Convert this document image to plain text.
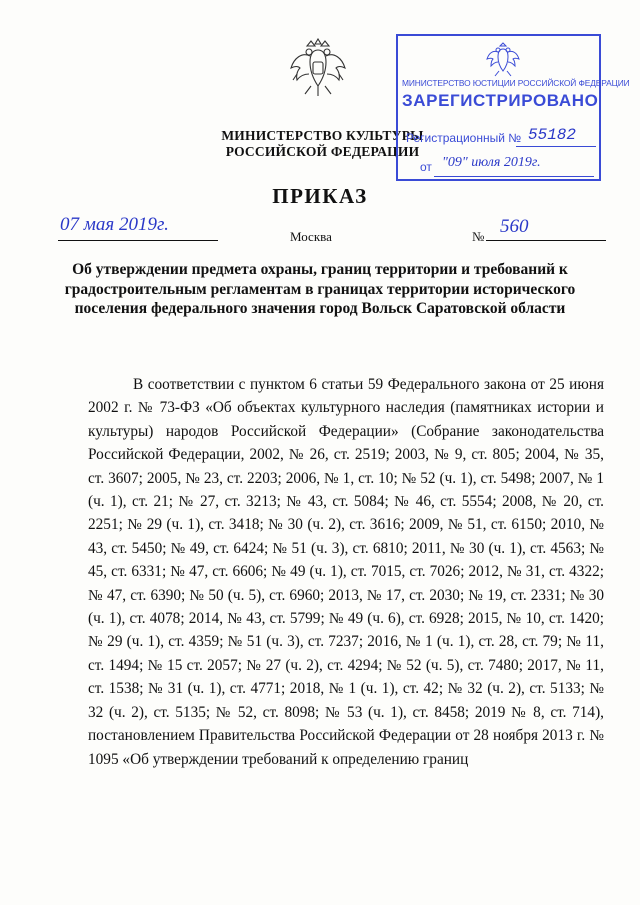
МИНИСТЕРСТВО КУЛЬТУРЫ
РОССИЙСКОЙ ФЕДЕРАЦИИ
МИНИСТЕРСТВО ЮСТИЦИИ РОССИЙСКОЙ ФЕДЕРАЦИИ
ЗАРЕГИСТРИРОВАНО
Регистрационный № 55182
от "09" июля 2019г.
ПРИКАЗ
07 мая 2019г.
Москва	№ 560
Об утверждении предмета охраны, границ территории и требований к градостроительным регламентам в границах территории исторического поселения федерального значения город Вольск Саратовской области

В соответствии с пунктом 6 статьи 59 Федерального закона от 25 июня 2002 г. № 73-ФЗ «Об объектах культурного наследия (памятниках истории и культуры) народов Российской Федерации» (Собрание законодательства Российской Федерации, 2002, № 26, ст. 2519; 2003, № 9, ст. 805; 2004, № 35, ст. 3607; 2005, № 23, ст. 2203; 2006, № 1, ст. 10; № 52 (ч. 1), ст. 5498; 2007, № 1 (ч. 1), ст. 21; № 27, ст. 3213; № 43, ст. 5084; № 46, ст. 5554; 2008, № 20, ст. 2251; № 29 (ч. 1), ст. 3418; № 30 (ч. 2), ст. 3616; 2009, № 51, ст. 6150; 2010, № 43, ст. 5450; № 49, ст. 6424; № 51 (ч. 3), ст. 6810; 2011, № 30 (ч. 1), ст. 4563; № 45, ст. 6331; № 47, ст. 6606; № 49 (ч. 1), ст. 7015, ст. 7026; 2012, № 31, ст. 4322; № 47, ст. 6390; № 50 (ч. 5), ст. 6960; 2013, № 17, ст. 2030; № 19, ст. 2331; № 30 (ч. 1), ст. 4078; 2014, № 43, ст. 5799; № 49 (ч. 6), ст. 6928; 2015, № 10, ст. 1420; № 29 (ч. 1), ст. 4359; № 51 (ч. 3), ст. 7237; 2016, № 1 (ч. 1), ст. 28, ст. 79; № 11, ст. 1494; № 15 ст. 2057; № 27 (ч. 2), ст. 4294; № 52 (ч. 5), ст. 7480; 2017, № 11, ст. 1538; № 31 (ч. 1), ст. 4771; 2018, № 1 (ч. 1), ст. 42; № 32 (ч. 2), ст. 5133; № 32 (ч. 2), ст. 5135; № 52, ст. 8098; № 53 (ч. 1), ст. 8458; 2019 № 8, ст. 714), постановлением Правительства Российской Федерации от 28 ноября 2013 г. № 1095 «Об утверждении требований к определению границ
